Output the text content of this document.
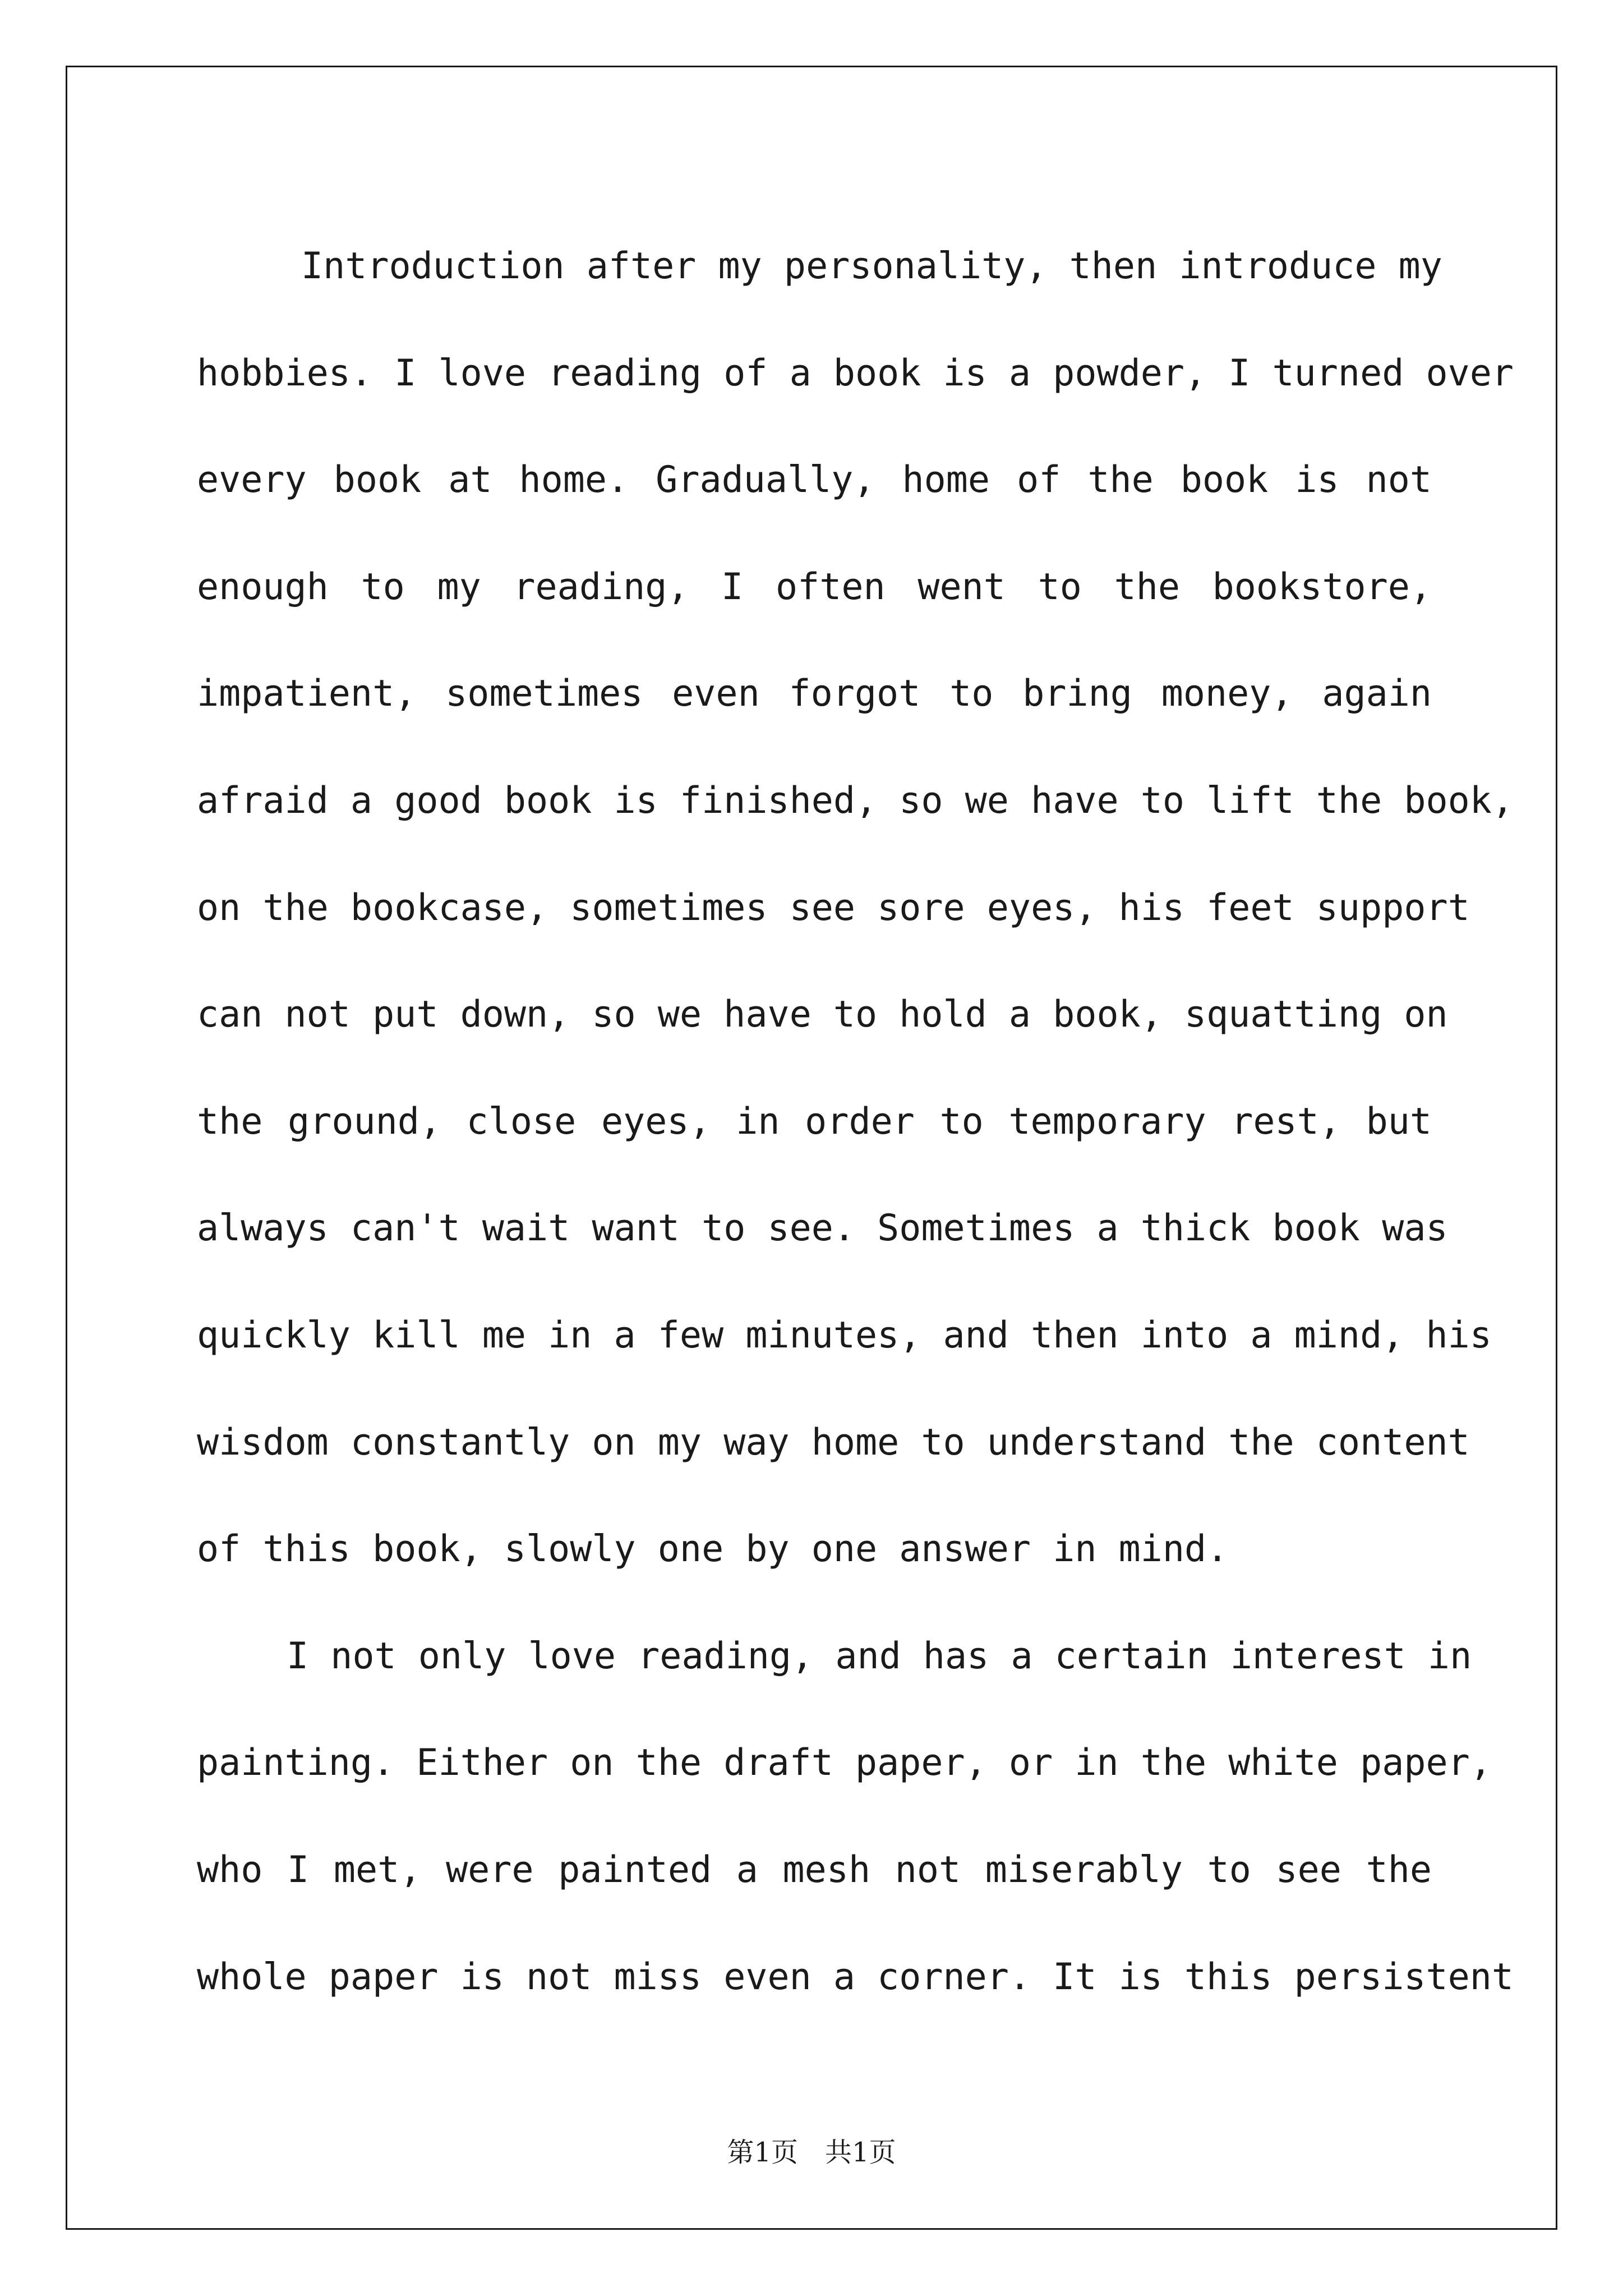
Introduction after my personality, then introduce my
hobbies. I love reading of a book is a powder, I turned over
every book at home. Gradually, home of the book is not
enough to my reading, I often went to the bookstore,
impatient, sometimes even forgot to bring money, again
afraid a good book is finished, so we have to lift the book,
on the bookcase, sometimes see sore eyes, his feet support
can not put down, so we have to hold a book, squatting on
the ground, close eyes, in order to temporary rest, but
always can't wait want to see. Sometimes a thick book was
quickly kill me in a few minutes, and then into a mind, his
wisdom constantly on my way home to understand the content
of this book, slowly one by one answer in mind.
I not only love reading, and has a certain interest in
painting. Either on the draft paper, or in the white paper,
who I met, were painted a mesh not miserably to see the
whole paper is not miss even a corner. It is this persistent
第1页　共1页
